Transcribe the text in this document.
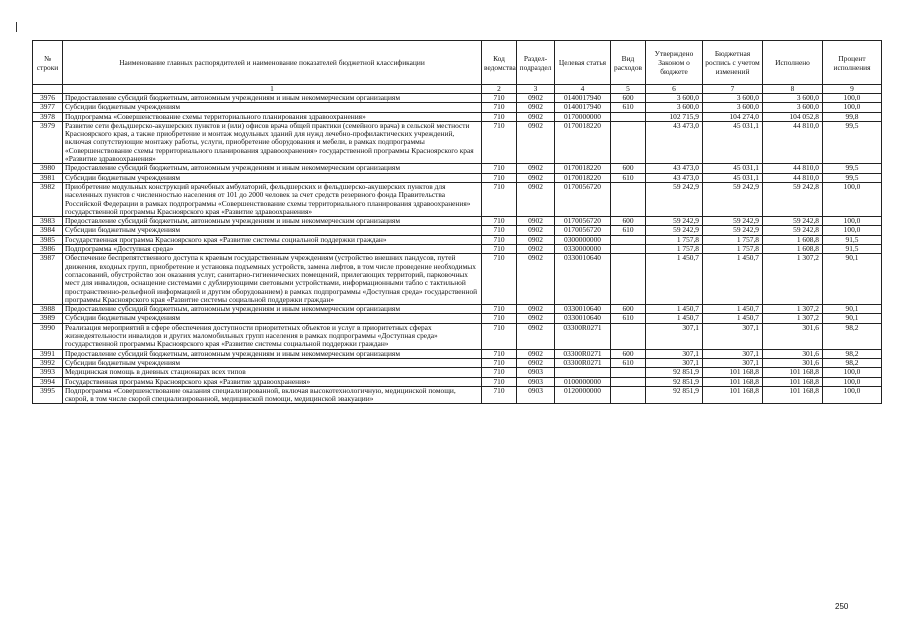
№ строки	Наименование главных распорядителей и наименование показателей бюджетной классификации	Код ведомства	Раздел-подраздел	Целевая статья	Вид расходов	Утверждено Законом о бюджете	Бюджетная роспись с учетом изменений	Исполнено	Процент исполнения
	1	2	3	4	5	6	7	8	9
3976	Предоставление субсидий бюджетным, автономным учреждениям и иным некоммерческим организациям	710	0902	0140017940	600	3 600,0	3 600,0	3 600,0	100,0
3977	Субсидии бюджетным учреждениям	710	0902	0140017940	610	3 600,0	3 600,0	3 600,0	100,0
3978	Подпрограмма «Совершенствование схемы территориального планирования здравоохранения»	710	0902	0170000000		102 715,9	104 274,0	104 052,8	99,8
3979	Развитие сети фельдшерско-акушерских пунктов и (или) офисов врача общей практики (семейного врача) в сельской местности Красноярского края, а также приобретение и монтаж модульных зданий для нужд лечебно-профилактических учреждений, включая сопутствующие монтажу работы, услуги, приобретение оборудования и мебели, в рамках подпрограммы «Совершенствование схемы территориального планирования здравоохранения» государственной программы Красноярского края «Развитие здравоохранения»	710	0902	0170018220		43 473,0	45 031,1	44 810,0	99,5
3980	Предоставление субсидий бюджетным, автономным учреждениям и иным некоммерческим организациям	710	0902	0170018220	600	43 473,0	45 031,1	44 810,0	99,5
3981	Субсидии бюджетным учреждениям	710	0902	0170018220	610	43 473,0	45 031,1	44 810,0	99,5
3982	Приобретение модульных конструкций врачебных амбулаторий, фельдшерских и фельдшерско-акушерских пунктов для населенных пунктов с численностью населения от 101 до 2000 человек за счет средств резервного фонда Правительства Российской Федерации в рамках подпрограммы «Совершенствование схемы территориального планирования здравоохранения» государственной программы Красноярского края «Развитие здравоохранения»	710	0902	0170056720		59 242,9	59 242,9	59 242,8	100,0
3983	Предоставление субсидий бюджетным, автономным учреждениям и иным некоммерческим организациям	710	0902	0170056720	600	59 242,9	59 242,9	59 242,8	100,0
3984	Субсидии бюджетным учреждениям	710	0902	0170056720	610	59 242,9	59 242,9	59 242,8	100,0
3985	Государственная программа Красноярского края «Развитие системы социальной поддержки граждан»	710	0902	0300000000		1 757,8	1 757,8	1 608,8	91,5
3986	Подпрограмма «Доступная среда»	710	0902	0330000000		1 757,8	1 757,8	1 608,8	91,5
3987	Обеспечение беспрепятственного доступа к краевым государственным учреждениям (устройство внешних пандусов, путей движения, входных групп, приобретение и установка подъемных устройств, замена лифтов, в том числе проведение необходимых согласований, обустройство зон оказания услуг, санитарно-гигиенических помещений, прилегающих территорий, парковочных мест для инвалидов, оснащение системами с дублирующими световыми устройствами, информационными табло с тактильной пространственно-рельефной информацией и другим оборудованием) в рамках подпрограммы «Доступная среда» государственной программы Красноярского края «Развитие системы социальной поддержки граждан»	710	0902	0330010640		1 450,7	1 450,7	1 307,2	90,1
3988	Предоставление субсидий бюджетным, автономным учреждениям и иным некоммерческим организациям	710	0902	0330010640	600	1 450,7	1 450,7	1 307,2	90,1
3989	Субсидии бюджетным учреждениям	710	0902	0330010640	610	1 450,7	1 450,7	1 307,2	90,1
3990	Реализация мероприятий в сфере обеспечения доступности приоритетных объектов и услуг в приоритетных сферах жизнедеятельности инвалидов и других маломобильных групп населения в рамках подпрограммы «Доступная среда» государственной программы Красноярского края «Развитие системы социальной поддержки граждан»	710	0902	03300R0271		307,1	307,1	301,6	98,2
3991	Предоставление субсидий бюджетным, автономным учреждениям и иным некоммерческим организациям	710	0902	03300R0271	600	307,1	307,1	301,6	98,2
3992	Субсидии бюджетным учреждениям	710	0902	03300R0271	610	307,1	307,1	301,6	98,2
3993	Медицинская помощь в дневных стационарах всех типов	710	0903			92 851,9	101 168,8	101 168,8	100,0
3994	Государственная программа Красноярского края «Развитие здравоохранения»	710	0903	0100000000		92 851,9	101 168,8	101 168,8	100,0
3995	Подпрограмма «Совершенствование оказания специализированной, включая высокотехнологичную, медицинской помощи, скорой, в том числе скорой специализированной, медицинской помощи, медицинской эвакуации»	710	0903	0120000000		92 851,9	101 168,8	101 168,8	100,0
250
